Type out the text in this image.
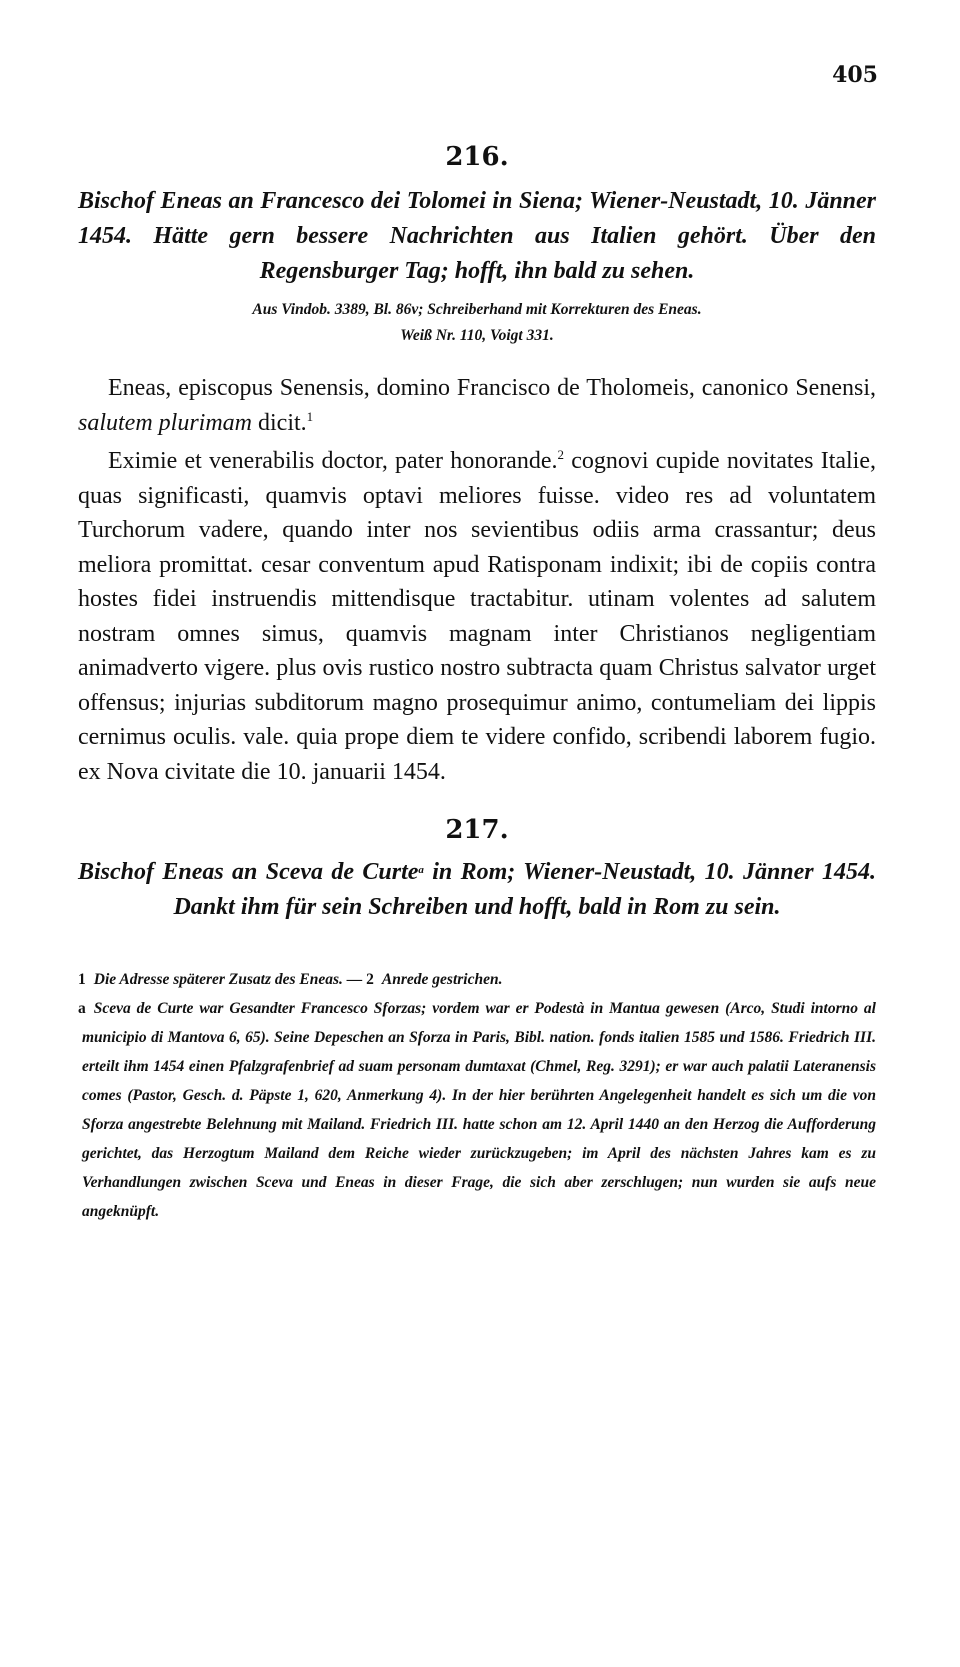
405
216.

Bischof Eneas an Francesco dei Tolomei in Siena; Wiener-Neustadt, 10. Jänner 1454. Hätte gern bessere Nachrichten aus Italien gehört. Über den Regensburger Tag; hofft, ihn bald zu sehen.

Aus Vindob. 3389, Bl. 86v; Schreiberhand mit Korrekturen des Eneas.
Weiß Nr. 110, Voigt 331.

Eneas, episcopus Senensis, domino Francisco de Tholomeis, canonico Senensi, salutem plurimam dicit.$^1$

Eximie et venerabilis doctor, pater honorande.$^2$ cognovi cupide novitates Italie, quas significasti, quamvis optavi meliores fuisse. video res ad voluntatem Turchorum vadere, quando inter nos sevientibus odiis arma crassantur; deus meliora promittat. cesar conventum apud Ratisponam indixit; ibi de copiis contra hostes fidei instruendis mittendisque tractabitur. utinam volentes ad salutem nostram omnes simus, quamvis magnam inter Christianos negligentiam animadverto vigere. plus ovis rustico nostro subtracta quam Christus salvator urget offensus; injurias subditorum magno prosequimur animo, contumeliam dei lippis cernimus oculis. vale. quia prope diem te videre confido, scribendi laborem fugio. ex Nova civitate die 10. januarii 1454.

217.

Bischof Eneas an Sceva de Curte$^a$ in Rom; Wiener-Neustadt, 10. Jänner 1454. Dankt ihm für sein Schreiben und hofft, bald in Rom zu sein.

1 Die Adresse späterer Zusatz des Eneas. — 2 Anrede gestrichen.

a Sceva de Curte war Gesandter Francesco Sforzas; vordem war er Podestà in Mantua gewesen (Arco, Studi intorno al municipio di Mantova 6, 65). Seine Depeschen an Sforza in Paris, Bibl. nation. fonds italien 1585 und 1586. Friedrich III. erteilt ihm 1454 einen Pfalzgrafenbrief ad suam personam dumtaxat (Chmel, Reg. 3291); er war auch palatii Lateranensis comes (Pastor, Gesch. d. Päpste 1, 620, Anmerkung 4). In der hier berührten Angelegenheit handelt es sich um die von Sforza angestrebte Belehnung mit Mailand. Friedrich III. hatte schon am 12. April 1440 an den Herzog die Aufforderung gerichtet, das Herzogtum Mailand dem Reiche wieder zurückzugeben; im April des nächsten Jahres kam es zu Verhandlungen zwischen Sceva und Eneas in dieser Frage, die sich aber zerschlugen; nun wurden sie aufs neue angeknüpft.
